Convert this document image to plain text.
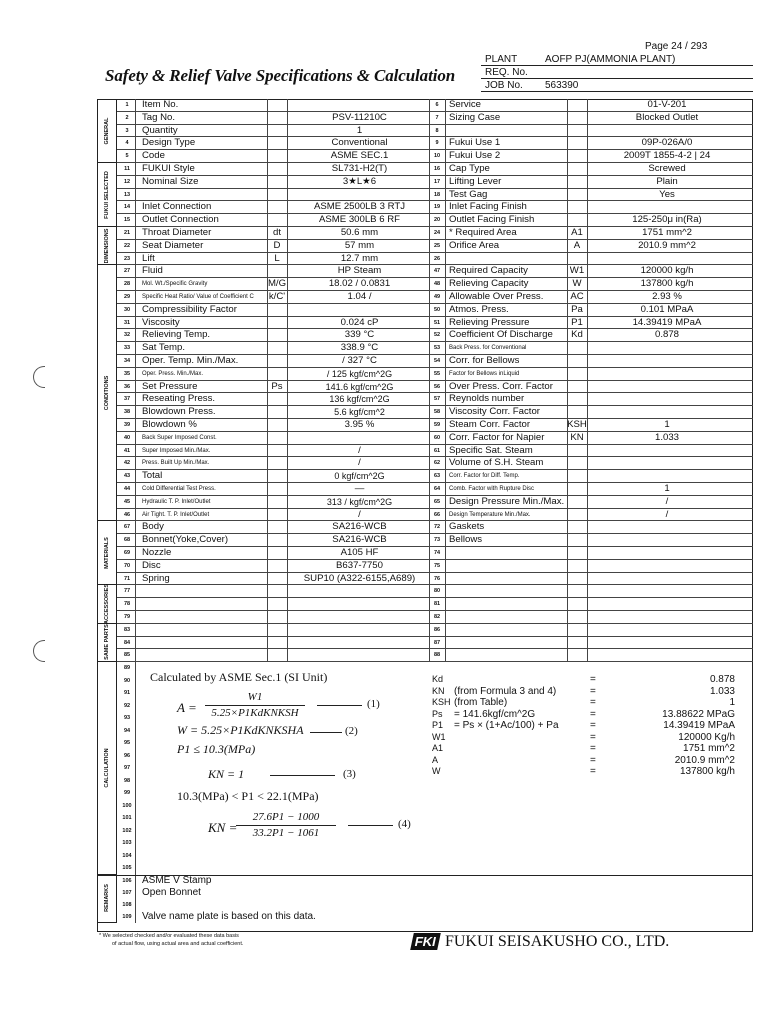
Page 24 / 293
Safety & Relief Valve Specifications & Calculation
PLANT	AOFP PJ(AMMONIA PLANT)
REQ. No.
JOB No. 563390
GENERAL
FUKUI SELECTED
DIMENSIONS
CONDITIONS
MATERIALS
ACCESSORIES
SAME PARTS
CALCULATION
REMARKS
1	Item No.	6	Service	01-V-201
2	Tag No.	PSV-11210C	7	Sizing Case	Blocked Outlet
3	Quantity	1	8
4	Design Type	Conventional	9	Fukui Use 1	09P-026A/0
5	Code	ASME SEC.1	10 Fukui Use 2	2009T 1855-4-2 | 24
11	FUKUI Style	SL731-H2(T)	16 Cap Type	Screwed
12	Nominal Size	3★L★6	17 Lifting Lever	Plain
13	18 Test Gag	Yes
14	Inlet Connection	ASME 2500LB 3 RTJ	19 Inlet Facing Finish
15	Outlet Connection	ASME 300LB 6 RF	20 Outlet Facing Finish	125-250μ in(Ra)
21	Throat Diameter	dt	50.6 mm	24 * Required Area	A1	1751 mm^2
22	Seat Diameter	D	57 mm	25 Orifice Area	A	2010.9 mm^2
23	Lift	L	12.7 mm	26
27	Fluid	HP Steam	47 Required Capacity	W1	120000 kg/h
28	Mol. Wt./Specific Gravity	M/G	18.02 / 0.0831	48 Relieving Capacity	W	137800 kg/h
29	Specific Heat Ratio/ Value of Coefficient C k/C'	1.04 /	49 Allowable Over Press.	AC	2.93 %
30	Compressibility Factor	50 Atmos. Press.	Pa	0.101 MPaA
31	Viscosity	0.024 cP	51 Relieving Pressure	P1	14.39419 MPaA
32	Relieving Temp.	339 °C	52 Coefficient Of Discharge	Kd	0.878
33	Sat Temp.	338.9 °C	53	Back Press. for Conventional
34	Oper. Temp. Min./Max.	/ 327 °C	54 Corr. for Bellows
35	Oper. Press. Min./Max.	/ 125 kgf/cm^2G	55	Factor for Bellows inLiquid
36	Set Pressure	Ps	141.6 kgf/cm^2G	56 Over Press. Corr. Factor
37	Reseating Press.	136 kgf/cm^2G	57 Reynolds number
38	Blowdown Press.	5.6 kgf/cm^2	58 Viscosity Corr. Factor
39	Blowdown %	3.95 %	59 Steam Corr. Factor	KSH	1
40	Back Super Imposed Const.	60 Corr. Factor for Napier	KN	1.033
41	Super Imposed Min./Max.	/	61 Specific Sat. Steam
42	Press. Built Up Min./Max.	/	62 Volume of S.H. Steam
43	Total	0 kgf/cm^2G	63	Corr. Factor for Diff. Temp.
44	Cold Differential Test Press.	—	64	Comb. Factor with Rupture Disc	1
45	Hydraulic T. P. Inlet/Outlet	313 / kgf/cm^2G	65 Design Pressure Min./Max.	/
46	Air Tight. T. P. Inlet/Outlet	/	66	Design Temperature Min./Max.	/
67	Body	SA216-WCB	72 Gaskets
68	Bonnet(Yoke,Cover)	SA216-WCB	73 Bellows
69	Nozzle	A105 HF	74
70	Disc	B637-7750	75
71	Spring	SUP10 (A322-6155,A689)	76
77	80
78	81
79	82
83	86
84	87
85	88
89
90
91
92
93
94
95
96
97
98
99
100
101
102
103
104
105
Calculated by ASME Sec.1 (SI Unit)
A =
W1
5.25×P1KdKNKSH
(1)
W = 5.25×P1KdKNKSHA	(2)
P1 ≤ 10.3(MPa)
KN = 1	(3)
10.3(MPa) < P1 < 22.1(MPa)
KN =
27.6P1 − 1000
33.2P1 − 1061
(4)
Kd	=	0.878
KN (from Formula 3 and 4)	=	1.033
KSH (from Table)	=	1
Ps = 141.6kgf/cm^2G	=	13.88622 MPaG
P1 = Ps × (1+Ac/100) + Pa	=	14.39419 MPaA
W1	=	120000 Kg/h
A1	=	1751 mm^2
A	=	2010.9 mm^2
W	=	137800 kg/h
106	ASME V Stamp
107	Open Bonnet
108
109	Valve name plate is based on this data.
* We selected checked and/or evaluated these data basis
of actual flow, using actual area and actual coefficient.	FKI FUKUI SEISAKUSHO CO., LTD.
